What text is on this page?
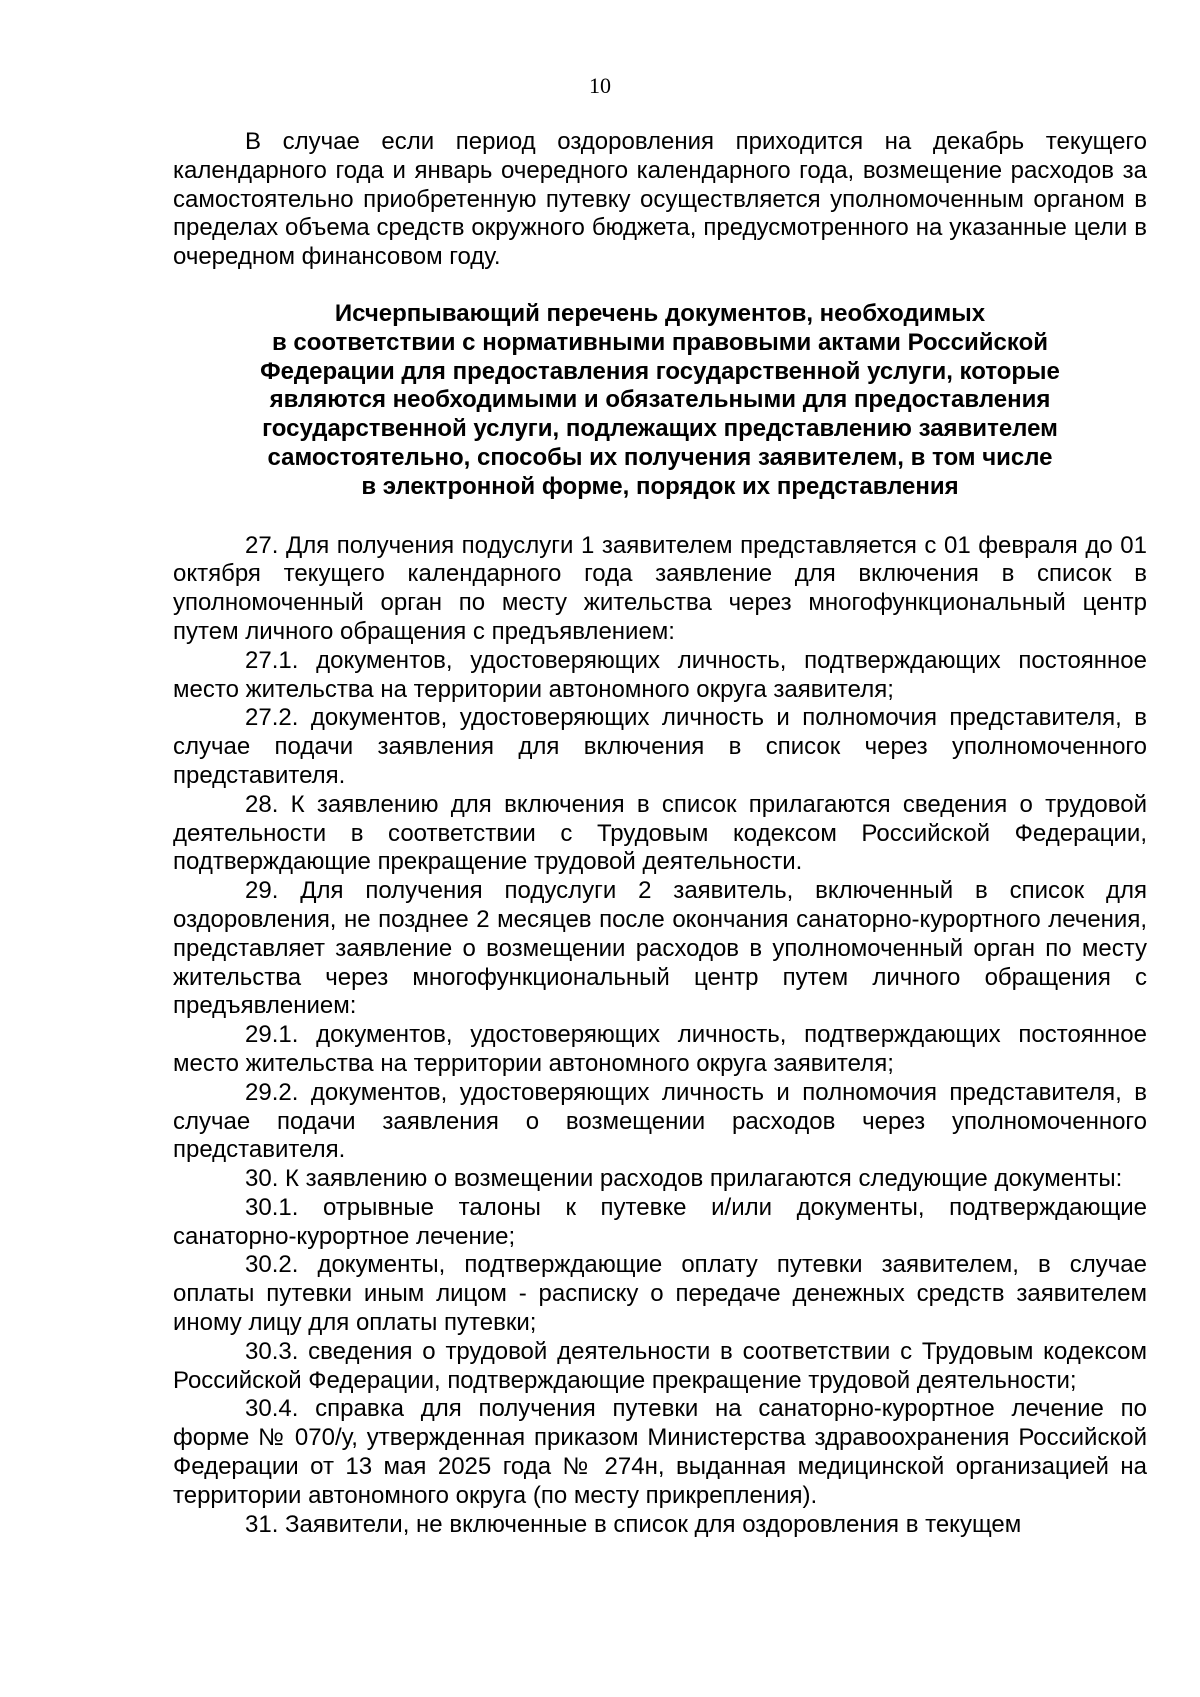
10

В случае если период оздоровления приходится на декабрь текущего календарного года и январь очередного календарного года, возмещение расходов за самостоятельно приобретенную путевку осуществляется уполномоченным органом в пределах объема средств окружного бюджета, предусмотренного на указанные цели в очередном финансовом году.

Исчерпывающий перечень документов, необходимых
в соответствии с нормативными правовыми актами Российской
Федерации для предоставления государственной услуги, которые
являются необходимыми и обязательными для предоставления
государственной услуги, подлежащих представлению заявителем
самостоятельно, способы их получения заявителем, в том числе
в электронной форме, порядок их представления

27. Для получения подуслуги 1 заявителем представляется с 01 февраля до 01 октября текущего календарного года заявление для включения в список в уполномоченный орган по месту жительства через многофункциональный центр путем личного обращения с предъявлением:

27.1. документов, удостоверяющих личность, подтверждающих постоянное место жительства на территории автономного округа заявителя;

27.2. документов, удостоверяющих личность и полномочия представителя, в случае подачи заявления для включения в список через уполномоченного представителя.

28. К заявлению для включения в список прилагаются сведения о трудовой деятельности в соответствии с Трудовым кодексом Российской Федерации, подтверждающие прекращение трудовой деятельности.

29. Для получения подуслуги 2 заявитель, включенный в список для оздоровления, не позднее 2 месяцев после окончания санаторно-курортного лечения, представляет заявление о возмещении расходов в уполномоченный орган по месту жительства через многофункциональный центр путем личного обращения с предъявлением:

29.1. документов, удостоверяющих личность, подтверждающих постоянное место жительства на территории автономного округа заявителя;

29.2. документов, удостоверяющих личность и полномочия представителя, в случае подачи заявления о возмещении расходов через уполномоченного представителя.

30. К заявлению о возмещении расходов прилагаются следующие документы:

30.1. отрывные талоны к путевке и/или документы, подтверждающие санаторно-курортное лечение;

30.2. документы, подтверждающие оплату путевки заявителем, в случае оплаты путевки иным лицом - расписку о передаче денежных средств заявителем иному лицу для оплаты путевки;

30.3. сведения о трудовой деятельности в соответствии с Трудовым кодексом Российской Федерации, подтверждающие прекращение трудовой деятельности;

30.4. справка для получения путевки на санаторно-курортное лечение по форме № 070/у, утвержденная приказом Министерства здравоохранения Российской Федерации от 13 мая 2025 года № 274н, выданная медицинской организацией на территории автономного округа (по месту прикрепления).

31. Заявители, не включенные в список для оздоровления в текущем
